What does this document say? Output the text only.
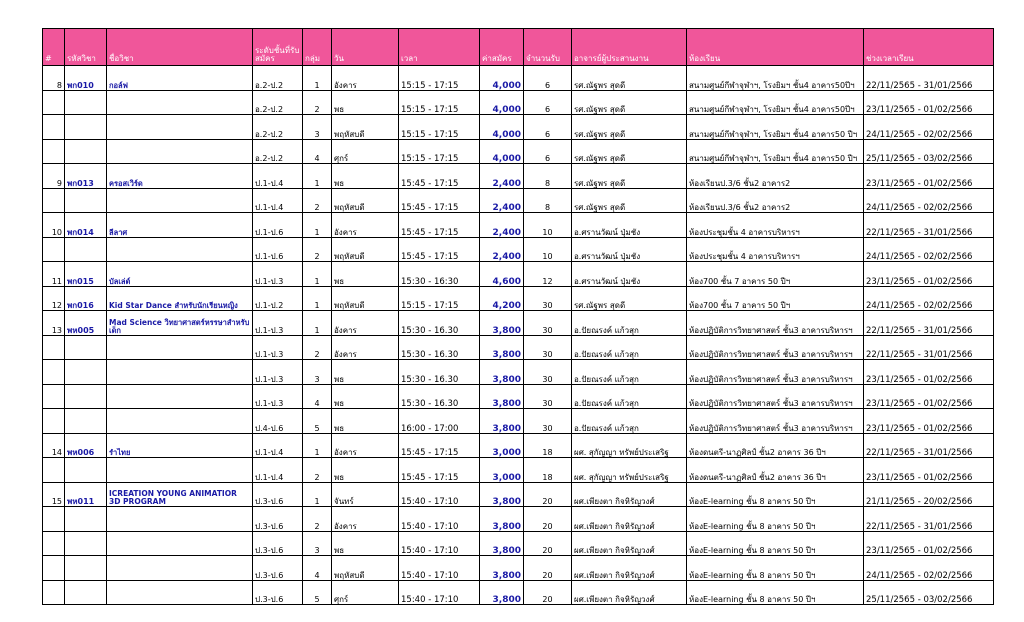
#	รหัสวิชา	ชื่อวิชา	ระดับชั้นที่รับสมัคร	กลุ่ม	วัน	เวลา	ค่าสมัคร	จำนวนรับ	อาจารย์ผู้ประสานงาน	ห้องเรียน	ช่วงเวลาเรียน
8	พก010	กอล์ฟ	อ.2-ป.2	1	อังคาร	15:15 - 17:15	4,000	6	รศ.ณัฐพร สุดดี	สนามศูนย์กีฬาจุฬาฯ, โรงยิมฯ ชั้น4 อาคาร50ปีฯ	22/11/2565 - 31/01/2566
			อ.2-ป.2	2	พธ	15:15 - 17:15	4,000	6	รศ.ณัฐพร สุดดี	สนามศูนย์กีฬาจุฬาฯ, โรงยิมฯ ชั้น4 อาคาร50ปีฯ	23/11/2565 - 01/02/2566
			อ.2-ป.2	3	พฤหัสบดี	15:15 - 17:15	4,000	6	รศ.ณัฐพร สุดดี	สนามศูนย์กีฬาจุฬาฯ, โรงยิมฯ ชั้น4 อาคาร50 ปีฯ	24/11/2565 - 02/02/2566
			อ.2-ป.2	4	ศุกร์	15:15 - 17:15	4,000	6	รศ.ณัฐพร สุดดี	สนามศูนย์กีฬาจุฬาฯ, โรงยิมฯ ชั้น4 อาคาร50 ปีฯ	25/11/2565 - 03/02/2566
9	พก013	ครอสเวิร์ด	ป.1-ป.4	1	พธ	15:45 - 17:15	2,400	8	รศ.ณัฐพร สุดดี	ห้องเรียนป.3/6 ชั้น2 อาคาร2	23/11/2565 - 01/02/2566
			ป.1-ป.4	2	พฤหัสบดี	15:45 - 17:15	2,400	8	รศ.ณัฐพร สุดดี	ห้องเรียนป.3/6 ชั้น2 อาคาร2	24/11/2565 - 02/02/2566
10	พก014	ลีลาศ	ป.1-ป.6	1	อังคาร	15:45 - 17:15	2,400	10	อ.ศรานวัฒน์ ปุ่มชัง	ห้องประชุมชั้น 4 อาคารบริหารฯ	22/11/2565 - 31/01/2566
			ป.1-ป.6	2	พฤหัสบดี	15:45 - 17:15	2,400	10	อ.ศรานวัฒน์ ปุ่มชัง	ห้องประชุมชั้น 4 อาคารบริหารฯ	24/11/2565 - 02/02/2566
11	พก015	บัลเล่ต์	ป.1-ป.3	1	พธ	15:30 - 16:30	4,600	12	อ.ศรานวัฒน์ ปุ่มชัง	ห้อง700 ชั้น 7 อาคาร 50 ปีฯ	23/11/2565 - 01/02/2566
12	พก016	Kid Star Dance สำหรับนักเรียนหญิง	ป.1-ป.2	1	พฤหัสบดี	15:15 - 17:15	4,200	30	รศ.ณัฐพร สุดดี	ห้อง700 ชั้น 7 อาคาร 50 ปีฯ	24/11/2565 - 02/02/2566
13	พห005	Mad Science วิทยาศาสตร์หรรษาสำหรับเด็ก	ป.1-ป.3	1	อังคาร	15:30 - 16.30	3,800	30	อ.ปัยณรงค์ แก้วสุก	ห้องปฏิบัติการวิทยาศาสตร์ ชั้น3 อาคารบริหารฯ	22/11/2565 - 31/01/2566
			ป.1-ป.3	2	อังคาร	15:30 - 16.30	3,800	30	อ.ปัยณรงค์ แก้วสุก	ห้องปฏิบัติการวิทยาศาสตร์ ชั้น3 อาคารบริหารฯ	22/11/2565 - 31/01/2566
			ป.1-ป.3	3	พธ	15:30 - 16.30	3,800	30	อ.ปัยณรงค์ แก้วสุก	ห้องปฏิบัติการวิทยาศาสตร์ ชั้น3 อาคารบริหารฯ	23/11/2565 - 01/02/2566
			ป.1-ป.3	4	พธ	15:30 - 16.30	3,800	30	อ.ปัยณรงค์ แก้วสุก	ห้องปฏิบัติการวิทยาศาสตร์ ชั้น3 อาคารบริหารฯ	23/11/2565 - 01/02/2566
			ป.4-ป.6	5	พธ	16:00 - 17:00	3,800	30	อ.ปัยณรงค์ แก้วสุก	ห้องปฏิบัติการวิทยาศาสตร์ ชั้น3 อาคารบริหารฯ	23/11/2565 - 01/02/2566
14	พห006	รำไทย	ป.1-ป.4	1	อังคาร	15:45 - 17:15	3,000	18	ผศ. สุกัญญา ทรัพย์ประเสริฐ	ห้องดนตรี-นาฏศิลป์ ชั้น2 อาคาร 36 ปีฯ	22/11/2565 - 31/01/2566
			ป.1-ป.4	2	พธ	15:45 - 17:15	3,000	18	ผศ. สุกัญญา ทรัพย์ประเสริฐ	ห้องดนตรี-นาฏศิลป์ ชั้น2 อาคาร 36 ปีฯ	23/11/2565 - 01/02/2566
15	พห011	ICREATION YOUNG ANIMATIOR 3D PROGRAM	ป.3-ป.6	1	จันทร์	15:40 - 17:10	3,800	20	ผศ.เพียงตา กิจหิรัญวงศ์	ห้องE-learning ชั้น 8 อาคาร 50 ปีฯ	21/11/2565 - 20/02/2566
			ป.3-ป.6	2	อังคาร	15:40 - 17:10	3,800	20	ผศ.เพียงตา กิจหิรัญวงศ์	ห้องE-learning ชั้น 8 อาคาร 50 ปีฯ	22/11/2565 - 31/01/2566
			ป.3-ป.6	3	พธ	15:40 - 17:10	3,800	20	ผศ.เพียงตา กิจหิรัญวงศ์	ห้องE-learning ชั้น 8 อาคาร 50 ปีฯ	23/11/2565 - 01/02/2566
			ป.3-ป.6	4	พฤหัสบดี	15:40 - 17:10	3,800	20	ผศ.เพียงตา กิจหิรัญวงศ์	ห้องE-learning ชั้น 8 อาคาร 50 ปีฯ	24/11/2565 - 02/02/2566
			ป.3-ป.6	5	ศุกร์	15:40 - 17:10	3,800	20	ผศ.เพียงตา กิจหิรัญวงศ์	ห้องE-learning ชั้น 8 อาคาร 50 ปีฯ	25/11/2565 - 03/02/2566
